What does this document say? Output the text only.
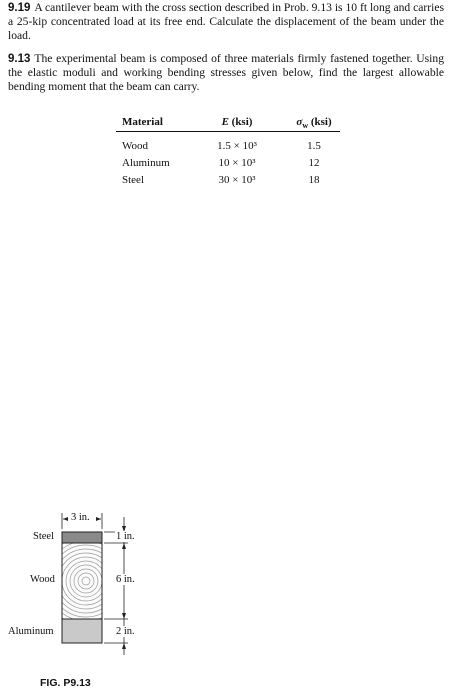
9.19 A cantilever beam with the cross section described in Prob. 9.13 is 10 ft long and carries a 25-kip concentrated load at its free end. Calculate the displacement of the beam under the load.

9.13 The experimental beam is composed of three materials firmly fastened together. Using the elastic moduli and working bending stresses given below, find the largest allowable bending moment that the beam can carry.

Material	E (ksi)	$\sigma_w$ (ksi)
Wood	1.5 × 10³	1.5
Aluminum	10 × 10³	12
Steel	30 × 10³	18
Steel
Wood
Aluminum
3 in.
1 in.
6 in.
2 in.
FIG. P9.13
